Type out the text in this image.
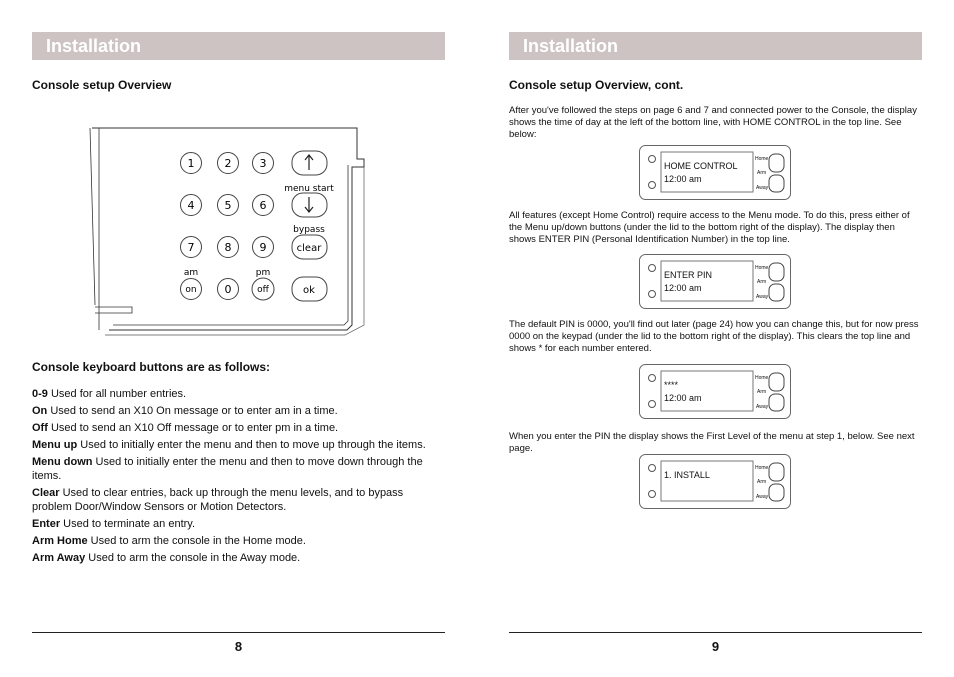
Installation
Console setup Overview
1	2	3
menu start
4	5	6
bypass
7	8	9	clear
am	pm
on	0	off	ok
Console keyboard buttons are as follows:

0-9 Used for all number entries.

On Used to send an X10 On message or to enter am in a time.

Off Used to send an X10 Off message or to enter pm in a time.

Menu up Used to initially enter the menu and then to move up through the items.

Menu down Used to initially enter the menu and then to move down through the items.

Clear Used to clear entries, back up through the menu levels, and to bypass problem Door/Window Sensors or Motion Detectors.

Enter Used to terminate an entry.

Arm Home Used to arm the console in the Home mode.

Arm Away Used to arm the console in the Away mode.

8
Installation
Console setup Overview, cont.
After you've followed the steps on page 6 and 7 and connected power to the Console, the display shows the time of day at the left of the bottom line, with HOME CONTROL in the top line. See below:
HOME CONTROL
12:00 am
Home
Arm
Away
All features (except Home Control) require access to the Menu mode. To do this, press either of the Menu up/down buttons (under the lid to the bottom right of the display). The display then shows ENTER PIN (Personal Identification Number) in the top line.
ENTER PIN
12:00 am
Home
Arm
Away
The default PIN is 0000, you'll find out later (page 24) how you can change this, but for now press 0000 on the keypad (under the lid to the bottom right of the display). This clears the top line and shows * for each number entered.
****
12:00 am
Home
Arm
Away
When you enter the PIN the display shows the First Level of the menu at step 1, below. See next page.
1. INSTALL
Home
Arm
Away
9
